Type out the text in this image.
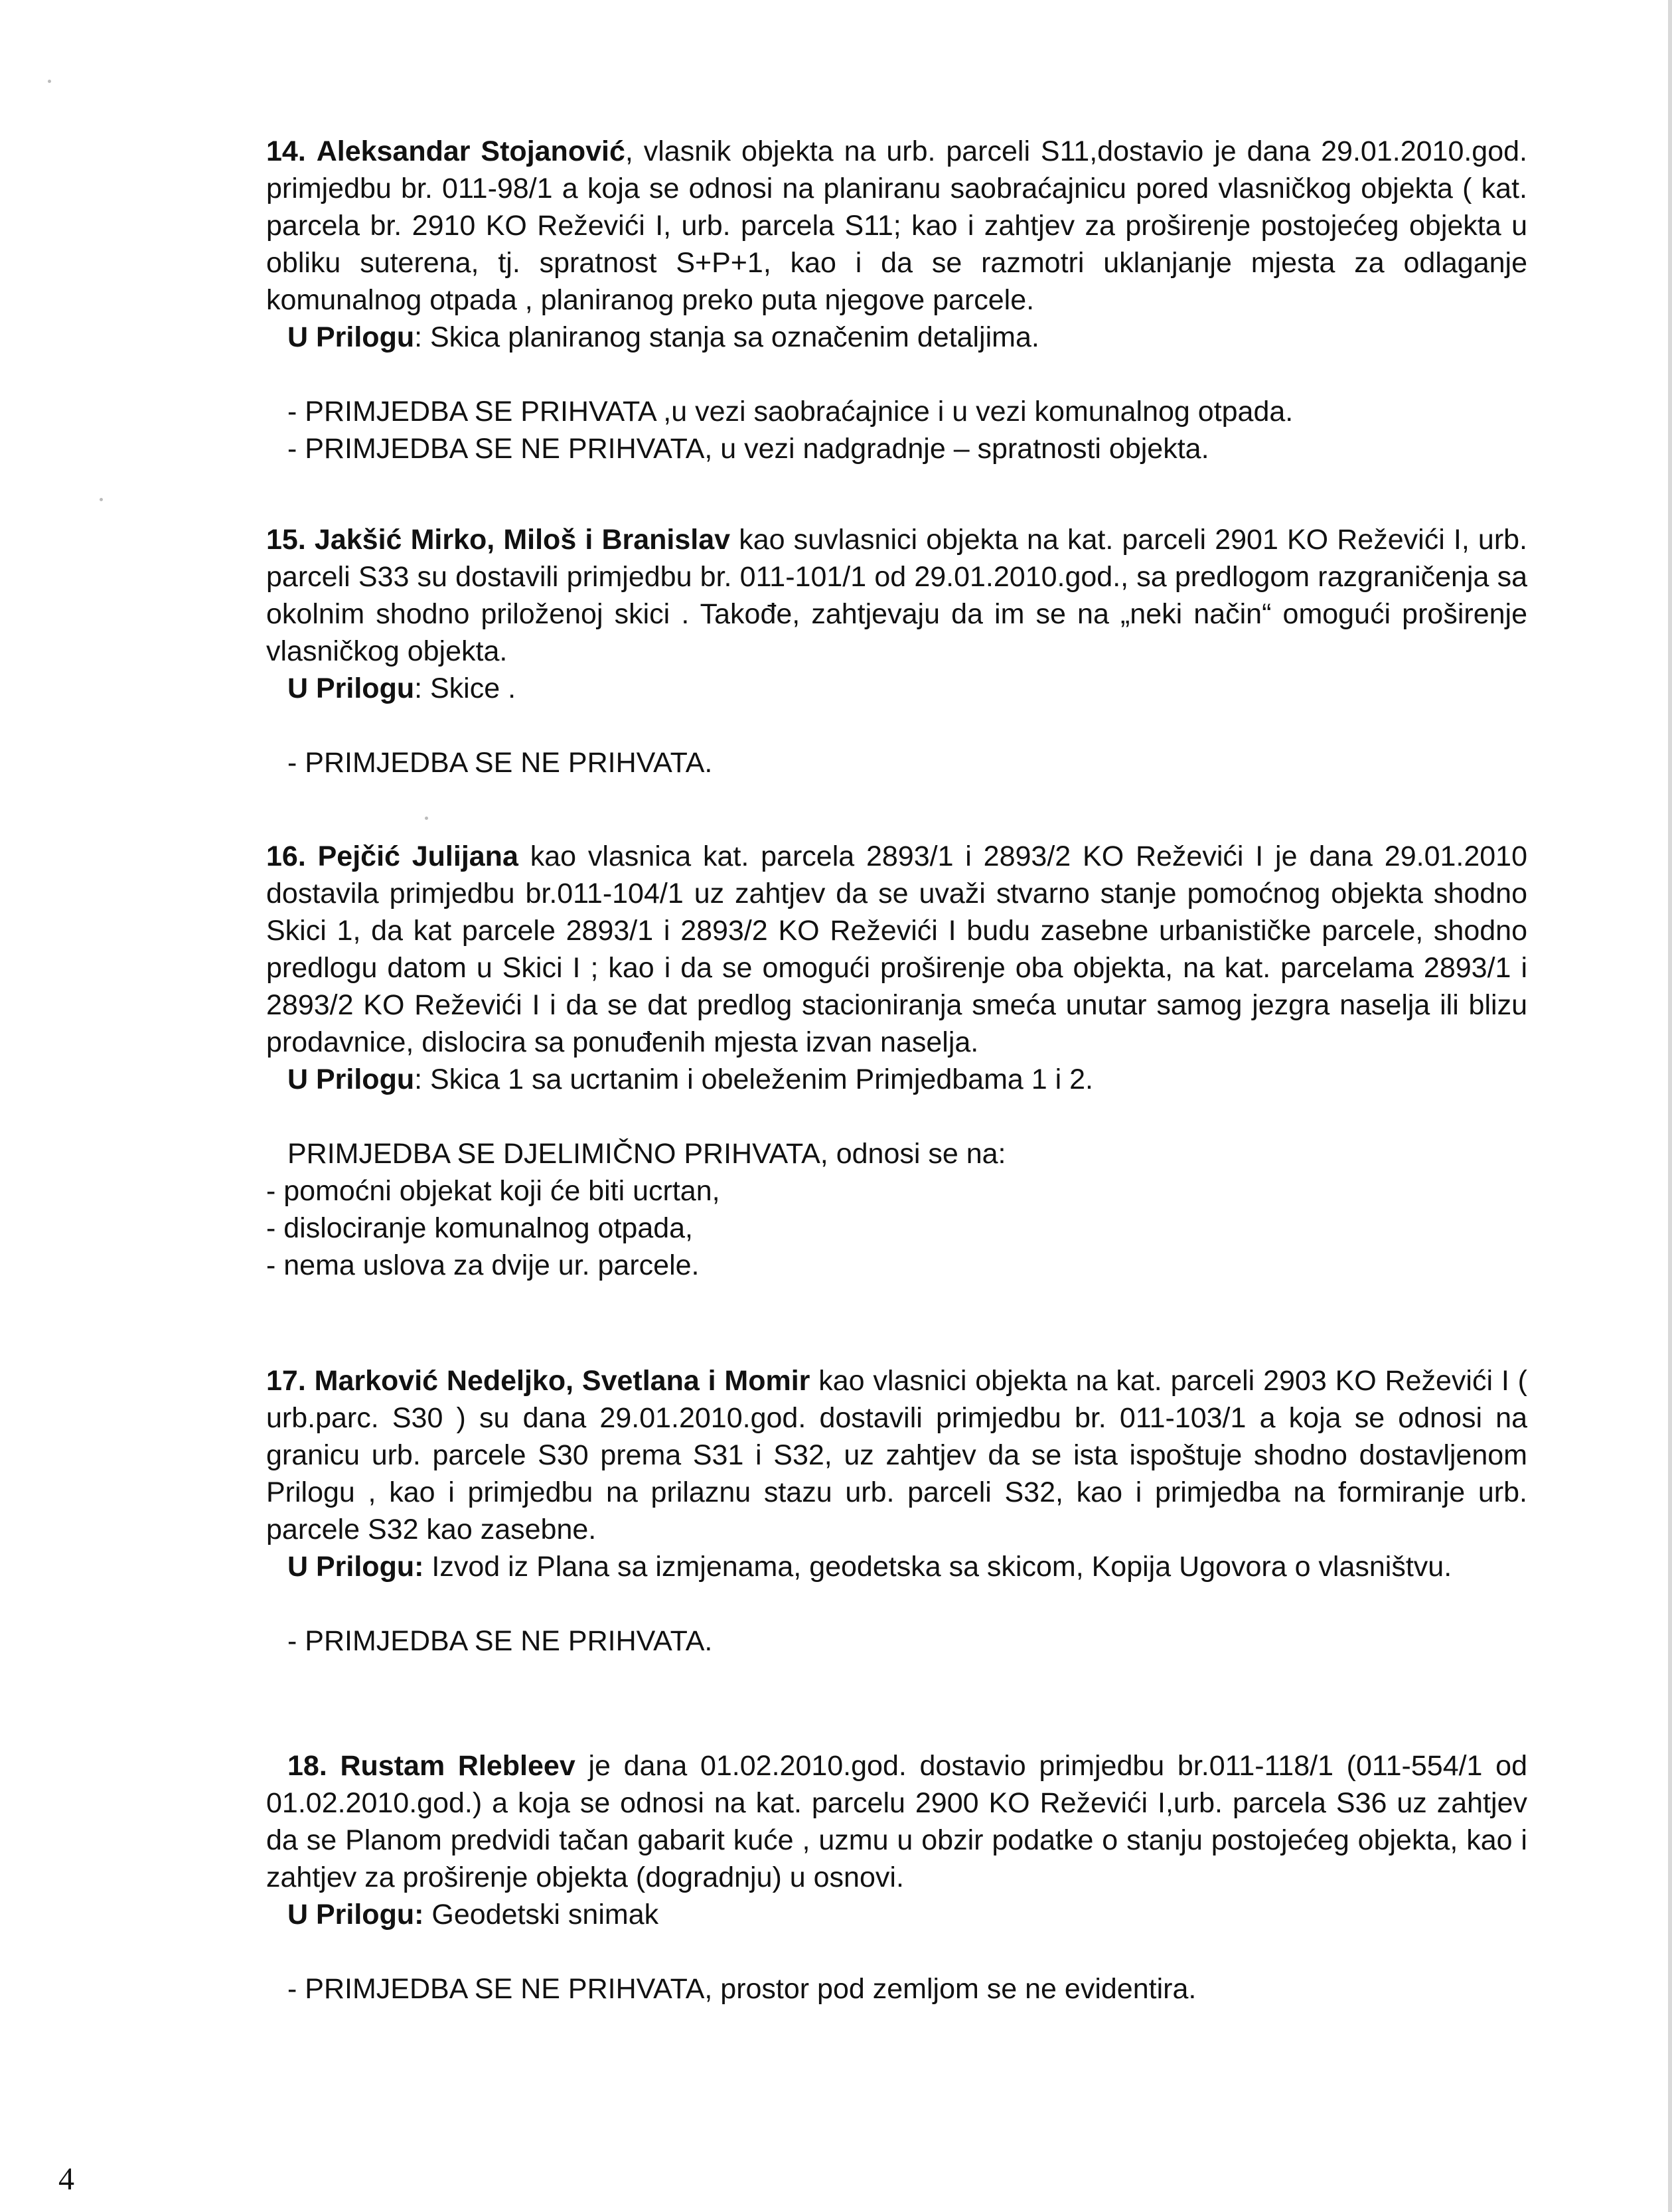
14. Aleksandar Stojanović, vlasnik objekta na urb. parceli S11,dostavio je dana 29.01.2010.god. primjedbu br. 011-98/1 a koja se odnosi na planiranu saobraćajnicu pored vlasničkog objekta ( kat. parcela br. 2910 KO Reževići I, urb. parcela S11; kao i zahtjev za proširenje postojećeg objekta u obliku suterena, tj. spratnost S+P+1, kao i da se razmotri uklanjanje mjesta za odlaganje komunalnog otpada , planiranog preko puta njegove parcele.

U Prilogu: Skica planiranog stanja sa označenim detaljima.

- PRIMJEDBA SE PRIHVATA ,u vezi saobraćajnice i u vezi komunalnog otpada.

- PRIMJEDBA SE NE PRIHVATA, u vezi nadgradnje – spratnosti objekta.

15. Jakšić Mirko, Miloš i Branislav kao suvlasnici objekta na kat. parceli 2901 KO Reževići I, urb. parceli S33 su dostavili primjedbu br. 011-101/1 od 29.01.2010.god., sa predlogom razgraničenja sa okolnim shodno priloženoj skici . Takođe, zahtjevaju da im se na „neki način“ omogući proširenje vlasničkog objekta.

U Prilogu: Skice .

- PRIMJEDBA SE NE PRIHVATA.

16. Pejčić Julijana kao vlasnica kat. parcela 2893/1 i 2893/2 KO Reževići I je dana 29.01.2010 dostavila primjedbu br.011-104/1 uz zahtjev da se uvaži stvarno stanje pomoćnog objekta shodno Skici 1, da kat parcele 2893/1 i 2893/2 KO Reževići I budu zasebne urbanističke parcele, shodno predlogu datom u Skici I ; kao i da se omogući proširenje oba objekta, na kat. parcelama 2893/1 i 2893/2 KO Reževići I i da se dat predlog stacioniranja smeća unutar samog jezgra naselja ili blizu prodavnice, dislocira sa ponuđenih mjesta izvan naselja.

U Prilogu: Skica 1 sa ucrtanim i obeleženim Primjedbama 1 i 2.

PRIMJEDBA SE DJELIMIČNO PRIHVATA, odnosi se na:

- pomoćni objekat koji će biti ucrtan,

- dislociranje komunalnog otpada,

- nema uslova za dvije ur. parcele.

17. Marković Nedeljko, Svetlana i Momir kao vlasnici objekta na kat. parceli 2903 KO Reževići I ( urb.parc. S30 ) su dana 29.01.2010.god. dostavili primjedbu br. 011-103/1 a koja se odnosi na granicu urb. parcele S30 prema S31 i S32, uz zahtjev da se ista ispoštuje shodno dostavljenom Prilogu , kao i primjedbu na prilaznu stazu urb. parceli S32, kao i primjedba na formiranje urb. parcele S32 kao zasebne.

U Prilogu: Izvod iz Plana sa izmjenama, geodetska sa skicom, Kopija Ugovora o vlasništvu.

- PRIMJEDBA SE NE PRIHVATA.

18. Rustam Rlebleev je dana 01.02.2010.god. dostavio primjedbu br.011-118/1 (011-554/1 od 01.02.2010.god.) a koja se odnosi na kat. parcelu 2900 KO Reževići I,urb. parcela S36 uz zahtjev da se Planom predvidi tačan gabarit kuće , uzmu u obzir podatke o stanju postojećeg objekta, kao i zahtjev za proširenje objekta (dogradnju) u osnovi.

U Prilogu: Geodetski snimak

- PRIMJEDBA SE NE PRIHVATA, prostor pod zemljom se ne evidentira.

4
